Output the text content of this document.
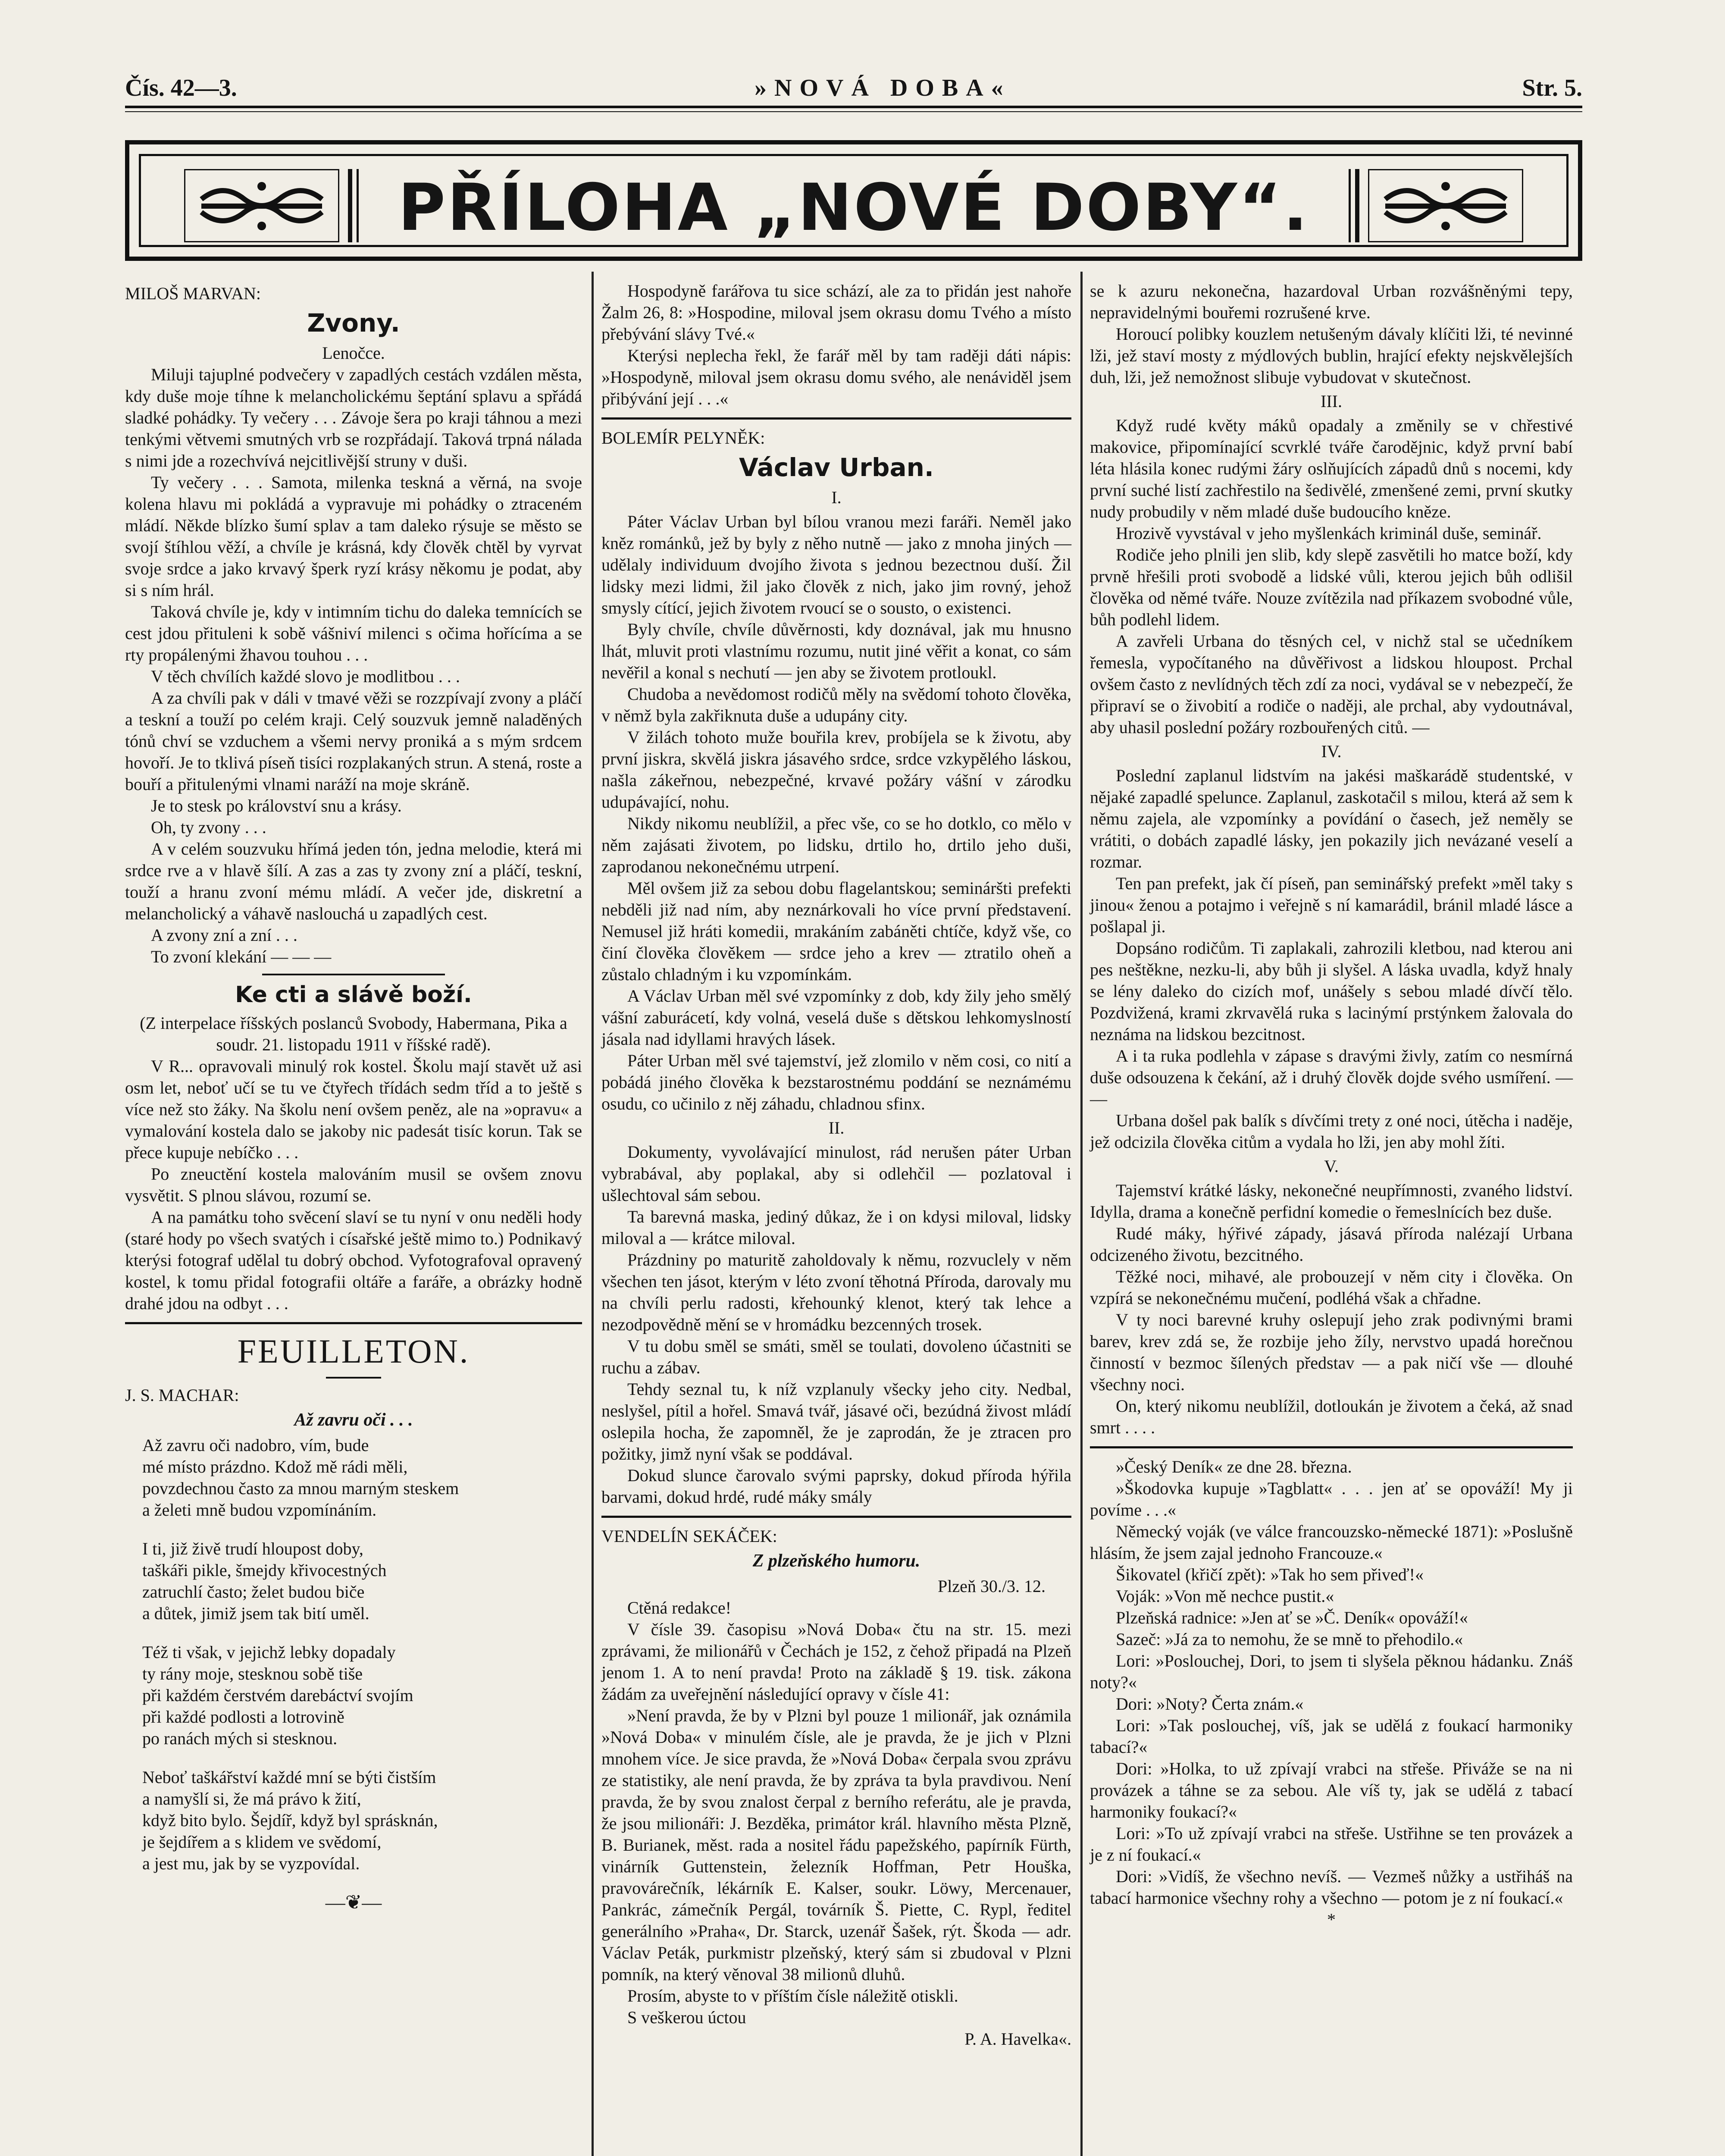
Čís. 42—3.	»NOVÁ DOBA«	Str. 5.
PŘÍLOHA „NOVÉ DOBY“.

MILOŠ MARVAN:

Zvony.

Lenočce.

Miluji tajuplné podvečery v zapadlých cestách vzdálen města, kdy duše moje tíhne k melancholickému šeptání splavu a spřádá sladké pohádky. Ty večery . . . Závoje šera po kraji táhnou a mezi tenkými větvemi smutných vrb se rozpřádají. Taková trpná nálada s nimi jde a rozechvívá nejcitlivější struny v duši.

Ty večery . . . Samota, milenka teskná a věrná, na svoje kolena hlavu mi pokládá a vypravuje mi pohádky o ztraceném mládí. Někde blízko šumí splav a tam daleko rýsuje se město se svojí štíhlou věží, a chvíle je krásná, kdy člověk chtěl by vyrvat svoje srdce a jako krvavý šperk ryzí krásy někomu je podat, aby si s ním hrál.

Taková chvíle je, kdy v intimním tichu do daleka temnících se cest jdou přituleni k sobě vášniví milenci s očima hořícíma a se rty propálenými žhavou touhou . . .

V těch chvílích každé slovo je modlitbou . . .

A za chvíli pak v dáli v tmavé věži se rozzpívají zvony a pláčí a teskní a touží po celém kraji. Celý souzvuk jemně naladěných tónů chví se vzduchem a všemi nervy proniká a s mým srdcem hovoří. Je to tklivá píseň tisíci rozplakaných strun. A stená, roste a bouří a přitulenými vlnami naráží na moje skráně.

Je to stesk po království snu a krásy.

Oh, ty zvony . . .

A v celém souzvuku hřímá jeden tón, jedna melodie, která mi srdce rve a v hlavě šílí. A zas a zas ty zvony zní a pláčí, teskní, touží a hranu zvoní mému mládí. A večer jde, diskretní a melancholický a váhavě naslouchá u zapadlých cest.

A zvony zní a zní . . .

To zvoní klekání — — —

Ke cti a slávě boží.

(Z interpelace říšských poslanců Svobody, Habermana, Pika a soudr. 21. listopadu 1911 v říšské radě).

V R... opravovali minulý rok kostel. Školu mají stavět už asi osm let, neboť učí se tu ve čtyřech třídách sedm tříd a to ještě s více než sto žáky. Na školu není ovšem peněz, ale na »opravu« a vymalování kostela dalo se jakoby nic padesát tisíc korun. Tak se přece kupuje nebíčko . . .

Po zneuctění kostela malováním musil se ovšem znovu vysvětit. S plnou slávou, rozumí se.

A na památku toho svěcení slaví se tu nyní v onu neděli hody (staré hody po všech svatých i císařské ještě mimo to.) Podnikavý kterýsi fotograf udělal tu dobrý obchod. Vyfotografoval opravený kostel, k tomu přidal fotografii oltáře a faráře, a obrázky hodně drahé jdou na odbyt . . .

FEUILLETON.

J. S. MACHAR:

Až zavru oči . . .

Až zavru oči nadobro, vím, bude

mé místo prázdno. Kdož mě rádi měli,

povzdechnou často za mnou marným steskem

a želeti mně budou vzpomínáním.

I ti, již živě trudí hloupost doby,

taškáři pikle, šmejdy křivocestných

zatruchlí často; želet budou biče

a důtek, jimiž jsem tak bití uměl.

Též ti však, v jejichž lebky dopadaly

ty rány moje, stesknou sobě tiše

při každém čerstvém darebáctví svojím

při každé podlosti a lotrovině

po ranách mých si stesknou.

Neboť taškářství každé mní se býti čistším

a namyšlí si, že má právo k žití,

když bito bylo. Šejdíř, když byl sprásknán,

je šejdířem a s klidem ve svědomí,

a jest mu, jak by se vyzpovídal.

—❦—

Hospodyně farářova tu sice schází, ale za to přidán jest nahoře Žalm 26, 8: »Hospodine, miloval jsem okrasu domu Tvého a místo přebývání slávy Tvé.«

Kterýsi neplecha řekl, že farář měl by tam raději dáti nápis: »Hospodyně, miloval jsem okrasu domu svého, ale nenáviděl jsem přibývání její . . .«

BOLEMÍR PELYNĚK:

Václav Urban.

I.

Páter Václav Urban byl bílou vranou mezi faráři. Neměl jako kněz románků, jež by byly z něho nutně — jako z mnoha jiných — udělaly individuum dvojího života s jednou bezectnou duší. Žil lidsky mezi lidmi, žil jako člověk z nich, jako jim rovný, jehož smysly cítící, jejich životem rvoucí se o sousto, o existenci.

Byly chvíle, chvíle důvěrnosti, kdy doznával, jak mu hnusno lhát, mluvit proti vlastnímu rozumu, nutit jiné věřit a konat, co sám nevěřil a konal s nechutí — jen aby se životem protloukl.

Chudoba a nevědomost rodičů měly na svědomí tohoto člověka, v němž byla zakřiknuta duše a udupány city.

V žilách tohoto muže bouřila krev, probíjela se k životu, aby první jiskra, skvělá jiskra jásavého srdce, srdce vzkypělého láskou, našla zákeřnou, nebezpečné, krvavé požáry vášní v zárodku udupávající, nohu.

Nikdy nikomu neublížil, a přec vše, co se ho dotklo, co mělo v něm zajásati životem, po lidsku, drtilo ho, drtilo jeho duši, zaprodanou nekonečnému utrpení.

Měl ovšem již za sebou dobu flagelantskou; semináršti prefekti nebděli již nad ním, aby neznárkovali ho více první představení. Nemusel již hráti komedii, mrakáním zabáněti chtíče, když vše, co činí člověka člověkem — srdce jeho a krev — ztratilo oheň a zůstalo chladným i ku vzpomínkám.

A Václav Urban měl své vzpomínky z dob, kdy žily jeho smělý vášní zaburácetí, kdy volná, veselá duše s dětskou lehkomyslností jásala nad idyllami hravých lásek.

Páter Urban měl své tajemství, jež zlomilo v něm cosi, co nití a pobádá jiného člověka k bezstarostnému poddání se neznámému osudu, co učinilo z něj záhadu, chladnou sfinx.

II.

Dokumenty, vyvolávající minulost, rád nerušen páter Urban vybrabával, aby poplakal, aby si odlehčil — pozlatoval i ušlechtoval sám sebou.

Ta barevná maska, jediný důkaz, že i on kdysi miloval, lidsky miloval a — krátce miloval.

Prázdniny po maturitě zaholdovaly k němu, rozvuclely v něm všechen ten jásot, kterým v léto zvoní těhotná Příroda, darovaly mu na chvíli perlu radosti, křehounký klenot, který tak lehce a nezodpovědně mění se v hromádku bezcenných trosek.

V tu dobu směl se smáti, směl se toulati, dovoleno účastniti se ruchu a zábav.

Tehdy seznal tu, k níž vzplanuly všecky jeho city. Nedbal, neslyšel, pítil a hořel. Smavá tvář, jásavé oči, bezúdná živost mládí oslepila hocha, že zapomněl, že je zaprodán, že je ztracen pro požitky, jimž nyní však se poddával.

Dokud slunce čarovalo svými paprsky, dokud příroda hýřila barvami, dokud hrdé, rudé máky smály

VENDELÍN SEKÁČEK:

Z plzeňského humoru.

Plzeň 30./3. 12.

Ctěná redakce!

V čísle 39. časopisu »Nová Doba« čtu na str. 15. mezi zprávami, že milionářů v Čechách je 152, z čehož připadá na Plzeň jenom 1. A to není pravda! Proto na základě § 19. tisk. zákona žádám za uveřejnění následující opravy v čísle 41:

»Není pravda, že by v Plzni byl pouze 1 milionář, jak oznámila »Nová Doba« v minulém čísle, ale je pravda, že je jich v Plzni mnohem více. Je sice pravda, že »Nová Doba« čerpala svou zprávu ze statistiky, ale není pravda, že by zpráva ta byla pravdivou. Není pravda, že by svou znalost čerpal z berního referátu, ale je pravda, že jsou milionáři: J. Bezděka, primátor král. hlavního města Plzně, B. Burianek, měst. rada a nositel řádu papežského, papírník Fürth, vinárník Guttenstein, železník Hoffman, Petr Houška, pravovárečník, lékárník E. Kalser, soukr. Löwy, Mercenauer, Pankrác, zámečník Pergál, továrník Š. Piette, C. Rypl, ředitel generálního »Praha«, Dr. Starck, uzenář Šašek, rýt. Škoda — adr. Václav Peták, purkmistr plzeňský, který sám si zbudoval v Plzni pomník, na který věnoval 38 milionů dluhů.

Prosím, abyste to v příštím čísle náležitě otiskli.

S veškerou úctou

P. A. Havelka«.

se k azuru nekonečna, hazardoval Urban rozvášněnými tepy, nepravidelnými bouřemi rozrušené krve.

Horoucí polibky kouzlem netušeným dávaly klíčiti lži, té nevinné lži, jež staví mosty z mýdlových bublin, hrající efekty nejskvělejších duh, lži, jež nemožnost slibuje vybudovat v skutečnost.

III.

Když rudé květy máků opadaly a změnily se v chřestivé makovice, připomínající scvrklé tváře čarodějnic, když první babí léta hlásila konec rudými žáry oslňujících západů dnů s nocemi, kdy první suché listí zachřestilo na šedivělé, zmenšené zemi, první skutky nudy probudily v něm mladé duše budoucího kněze.

Hrozivě vyvstával v jeho myšlenkách kriminál duše, seminář.

Rodiče jeho plnili jen slib, kdy slepě zasvětili ho matce boží, kdy prvně hřešili proti svobodě a lidské vůli, kterou jejich bůh odlišil člověka od němé tváře. Nouze zvítězila nad příkazem svobodné vůle, bůh podlehl lidem.

A zavřeli Urbana do těsných cel, v nichž stal se učedníkem řemesla, vypočítaného na důvěřivost a lidskou hloupost. Prchal ovšem často z nevlídných těch zdí za noci, vydával se v nebezpečí, že připraví se o živobití a rodiče o naději, ale prchal, aby vydoutnával, aby uhasil poslední požáry rozbouřených citů. —

IV.

Poslední zaplanul lidstvím na jakési maškarádě studentské, v nějaké zapadlé spelunce. Zaplanul, zaskotačil s milou, která až sem k němu zajela, ale vzpomínky a povídání o časech, jež neměly se vrátiti, o dobách zapadlé lásky, jen pokazily jich nevázané veselí a rozmar.

Ten pan prefekt, jak čí píseň, pan seminářský prefekt »měl taky s jinou« ženou a potajmo i veřejně s ní kamarádil, bránil mladé lásce a pošlapal ji.

Dopsáno rodičům. Ti zaplakali, zahrozili kletbou, nad kterou ani pes neštěkne, nezku-li, aby bůh ji slyšel. A láska uvadla, když hnaly se lény daleko do cizích mof, unášely s sebou mladé dívčí tělo. Pozdvižená, krami zkrvavělá ruka s lacinýmí prstýnkem žalovala do neznáma na lidskou bezcitnost.

A i ta ruka podlehla v zápase s dravými živly, zatím co nesmírná duše odsouzena k čekání, až i druhý člověk dojde svého usmíření. — —

Urbana došel pak balík s dívčími trety z oné noci, útěcha i naděje, jež odcizila člověka citům a vydala ho lži, jen aby mohl žíti.

V.

Tajemství krátké lásky, nekonečné neupřímnosti, zvaného lidství. Idylla, drama a konečně perfidní komedie o řemeslnících bez duše.

Rudé máky, hýřivé západy, jásavá příroda nalézají Urbana odcizeného životu, bezcitného.

Těžké noci, mihavé, ale probouzejí v něm city i člověka. On vzpírá se nekonečnému mučení, podléhá však a chřadne.

V ty noci barevné kruhy oslepují jeho zrak podivnými brami barev, krev zdá se, že rozbije jeho žíly, nervstvo upadá horečnou činností v bezmoc šílených představ — a pak ničí vše — dlouhé všechny noci.

On, který nikomu neublížil, dotloukán je životem a čeká, až snad smrt . . . .

»Český Deník« ze dne 28. března.

»Škodovka kupuje »Tagblatt« . . . jen ať se opováží! My ji povíme . . .«

Německý voják (ve válce francouzsko-německé 1871): »Poslušně hlásím, že jsem zajal jednoho Francouze.«

Šikovatel (křičí zpět): »Tak ho sem přiveď!«

Voják: »Von mě nechce pustit.«

Plzeňská radnice: »Jen ať se »Č. Deník« opováží!«

Sazeč: »Já za to nemohu, že se mně to přehodilo.«

Lori: »Poslouchej, Dori, to jsem ti slyšela pěknou hádanku. Znáš noty?«

Dori: »Noty? Čerta znám.«

Lori: »Tak poslouchej, víš, jak se udělá z foukací harmoniky tabací?«

Dori: »Holka, to už zpívají vrabci na střeše. Přiváže se na ni provázek a táhne se za sebou. Ale víš ty, jak se udělá z tabací harmoniky foukací?«

Lori: »To už zpívají vrabci na střeše. Ustřihne se ten provázek a je z ní foukací.«

Dori: »Vidíš, že všechno nevíš. — Vezmeš nůžky a ustřiháš na tabací harmonice všechny rohy a všechno — potom je z ní foukací.«

*
